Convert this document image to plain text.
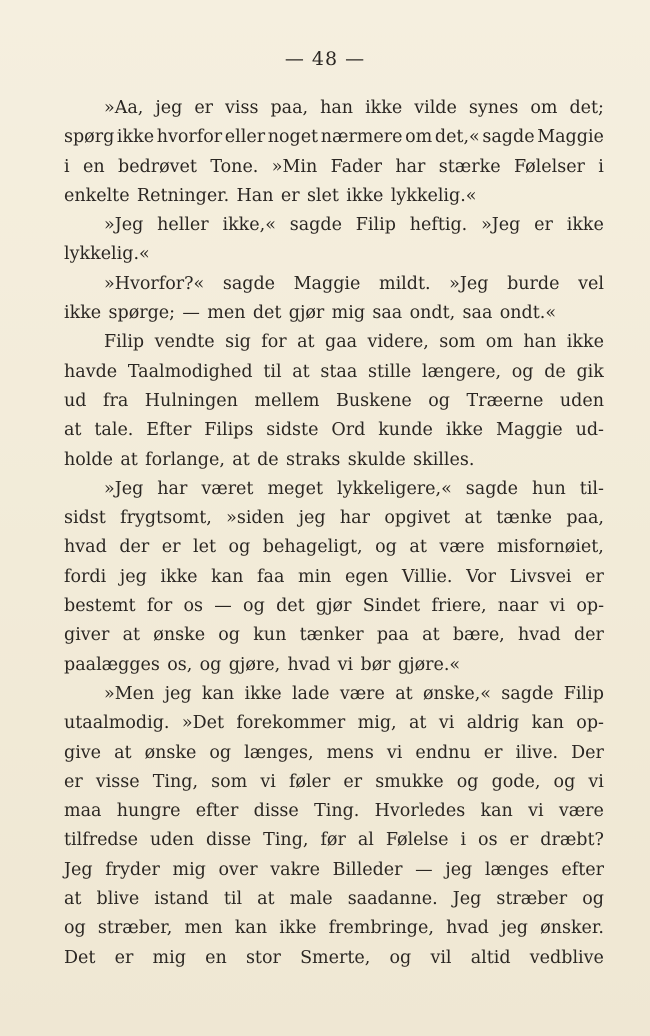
— 48 —
»Aa, jeg er viss paa, han ikke vilde synes om det;
spørg ikke hvorfor eller noget nærmere om det,« sagde Maggie
i en bedrøvet Tone. »Min Fader har stærke Følelser i
enkelte Retninger. Han er slet ikke lykkelig.«
»Jeg heller ikke,« sagde Filip heftig. »Jeg er ikke
lykkelig.«
»Hvorfor?« sagde Maggie mildt. »Jeg burde vel
ikke spørge; — men det gjør mig saa ondt, saa ondt.«
Filip vendte sig for at gaa videre, som om han ikke
havde Taalmodighed til at staa stille længere, og de gik
ud fra Hulningen mellem Buskene og Træerne uden
at tale. Efter Filips sidste Ord kunde ikke Maggie ud-
holde at forlange, at de straks skulde skilles.
»Jeg har været meget lykkeligere,« sagde hun til-
sidst frygtsomt, »siden jeg har opgivet at tænke paa,
hvad der er let og behageligt, og at være misfornøiet,
fordi jeg ikke kan faa min egen Villie. Vor Livsvei er
bestemt for os — og det gjør Sindet friere, naar vi op-
giver at ønske og kun tænker paa at bære, hvad der
paalægges os, og gjøre, hvad vi bør gjøre.«
»Men jeg kan ikke lade være at ønske,« sagde Filip
utaalmodig. »Det forekommer mig, at vi aldrig kan op-
give at ønske og længes, mens vi endnu er ilive. Der
er visse Ting, som vi føler er smukke og gode, og vi
maa hungre efter disse Ting. Hvorledes kan vi være
tilfredse uden disse Ting, før al Følelse i os er dræbt?
Jeg fryder mig over vakre Billeder — jeg længes efter
at blive istand til at male saadanne. Jeg stræber og
og stræber, men kan ikke frembringe, hvad jeg ønsker.
Det er mig en stor Smerte, og vil altid vedblive
